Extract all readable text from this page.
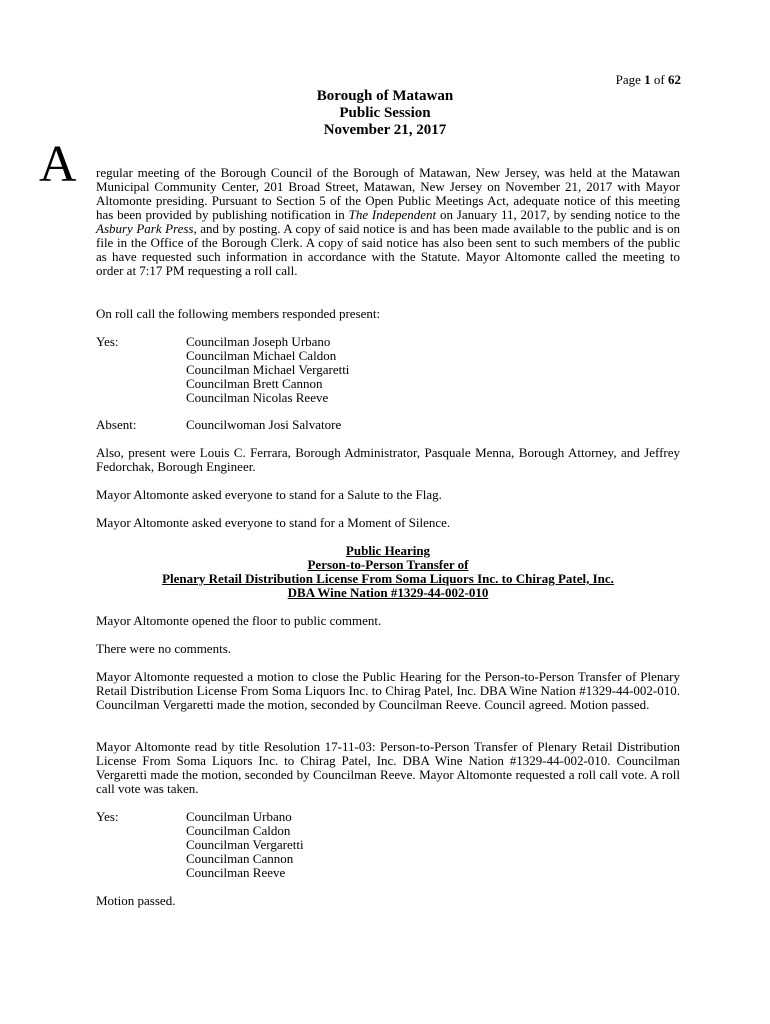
Page 1 of 62
Borough of Matawan
Public Session
November 21, 2017
A regular meeting of the Borough Council of the Borough of Matawan, New Jersey, was held at the Matawan Municipal Community Center, 201 Broad Street, Matawan, New Jersey on November 21, 2017 with Mayor Altomonte presiding. Pursuant to Section 5 of the Open Public Meetings Act, adequate notice of this meeting has been provided by publishing notification in The Independent on January 11, 2017, by sending notice to the Asbury Park Press, and by posting. A copy of said notice is and has been made available to the public and is on file in the Office of the Borough Clerk. A copy of said notice has also been sent to such members of the public as have requested such information in accordance with the Statute. Mayor Altomonte called the meeting to order at 7:17 PM requesting a roll call.
On roll call the following members responded present:
Yes:	Councilman Joseph Urbano
Councilman Michael Caldon
Councilman Michael Vergaretti
Councilman Brett Cannon
Councilman Nicolas Reeve
Absent:	Councilwoman Josi Salvatore
Also, present were Louis C. Ferrara, Borough Administrator, Pasquale Menna, Borough Attorney, and Jeffrey Fedorchak, Borough Engineer.
Mayor Altomonte asked everyone to stand for a Salute to the Flag.
Mayor Altomonte asked everyone to stand for a Moment of Silence.
Public Hearing
Person-to-Person Transfer of
Plenary Retail Distribution License From Soma Liquors Inc. to Chirag Patel, Inc.
DBA Wine Nation #1329-44-002-010
Mayor Altomonte opened the floor to public comment.
There were no comments.
Mayor Altomonte requested a motion to close the Public Hearing for the Person-to-Person Transfer of Plenary Retail Distribution License From Soma Liquors Inc. to Chirag Patel, Inc. DBA Wine Nation #1329-44-002-010. Councilman Vergaretti made the motion, seconded by Councilman Reeve. Council agreed. Motion passed.
Mayor Altomonte read by title Resolution 17-11-03: Person-to-Person Transfer of Plenary Retail Distribution License From Soma Liquors Inc. to Chirag Patel, Inc. DBA Wine Nation #1329-44-002-010. Councilman Vergaretti made the motion, seconded by Councilman Reeve. Mayor Altomonte requested a roll call vote. A roll call vote was taken.
Yes:	Councilman Urbano
Councilman Caldon
Councilman Vergaretti
Councilman Cannon
Councilman Reeve
Motion passed.
